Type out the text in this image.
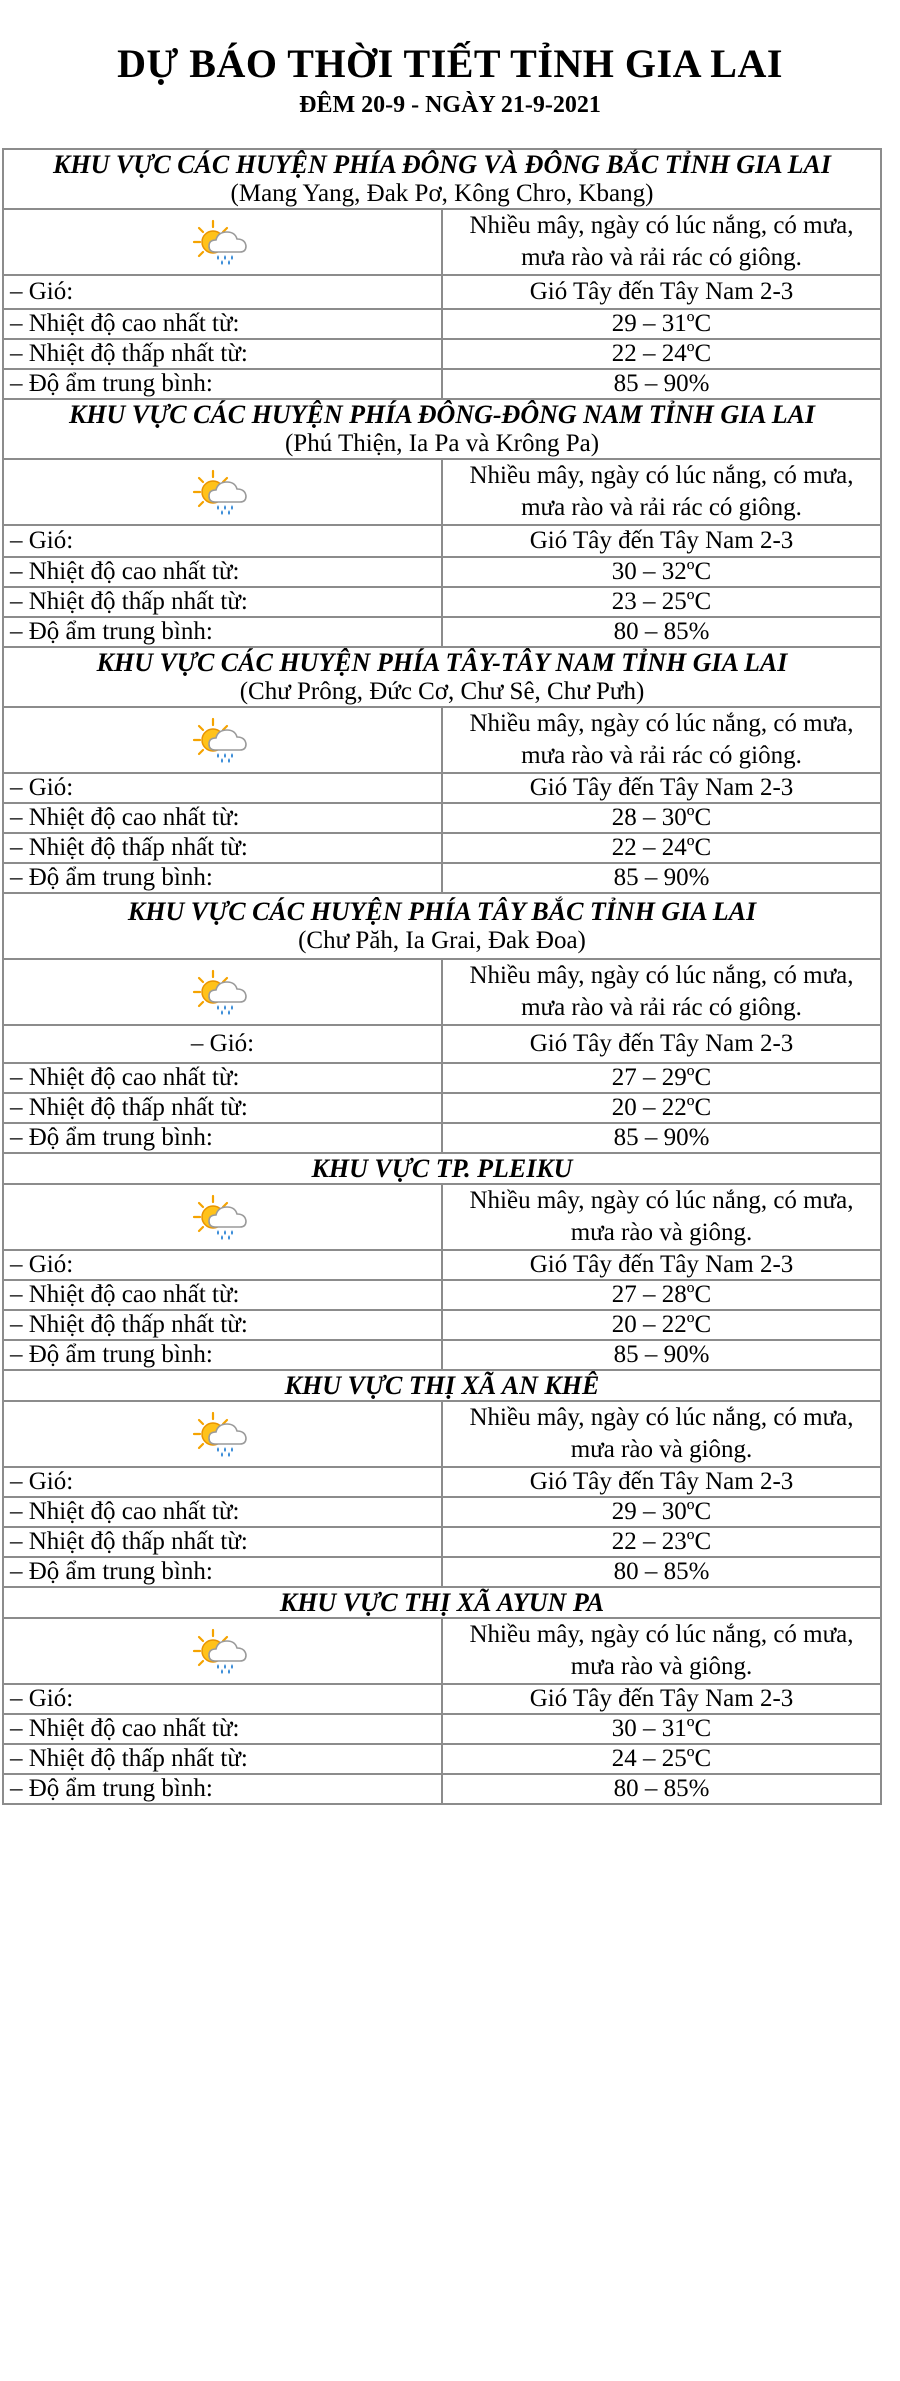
DỰ BÁO THỜI TIẾT TỈNH GIA LAI
ĐÊM 20-9 - NGÀY 21-9-2021
KHU VỰC CÁC HUYỆN PHÍA ĐÔNG VÀ ĐÔNG BẮC TỈNH GIA LAI
(Mang Yang, Đak Pơ, Kông Chro, Kbang)	

	Nhiều mây, ngày có lúc nắng, có mưa,
mưa rào và rải rác có giông.
– Gió:	Gió Tây đến Tây Nam 2-3
– Nhiệt độ cao nhất từ:	29 – 31ºC
– Nhiệt độ thấp nhất từ:	22 – 24ºC
– Độ ẩm trung bình:	85 – 90%

KHU VỰC CÁC HUYỆN PHÍA ĐÔNG-ĐÔNG NAM TỈNH GIA LAI
(Phú Thiện, Ia Pa và Krông Pa)	

	Nhiều mây, ngày có lúc nắng, có mưa,
mưa rào và rải rác có giông.
– Gió:	Gió Tây đến Tây Nam 2-3
– Nhiệt độ cao nhất từ:	30 – 32ºC
– Nhiệt độ thấp nhất từ:	23 – 25ºC
– Độ ẩm trung bình:	80 – 85%

KHU VỰC CÁC HUYỆN PHÍA TÂY-TÂY NAM TỈNH GIA LAI
(Chư Prông, Đức Cơ, Chư Sê, Chư Pưh)	

	Nhiều mây, ngày có lúc nắng, có mưa,
mưa rào và rải rác có giông.
– Gió:	Gió Tây đến Tây Nam 2-3
– Nhiệt độ cao nhất từ:	28 – 30ºC
– Nhiệt độ thấp nhất từ:	22 – 24ºC
– Độ ẩm trung bình:	85 – 90%

KHU VỰC CÁC HUYỆN PHÍA TÂY BẮC TỈNH GIA LAI
(Chư Păh, Ia Grai, Đak Đoa)	

	Nhiều mây, ngày có lúc nắng, có mưa,
mưa rào và rải rác có giông.
– Gió:	Gió Tây đến Tây Nam 2-3
– Nhiệt độ cao nhất từ:	27 – 29ºC
– Nhiệt độ thấp nhất từ:	20 – 22ºC
– Độ ẩm trung bình:	85 – 90%

KHU VỰC TP. PLEIKU	

	Nhiều mây, ngày có lúc nắng, có mưa,
mưa rào và giông.
– Gió:	Gió Tây đến Tây Nam 2-3
– Nhiệt độ cao nhất từ:	27 – 28ºC
– Nhiệt độ thấp nhất từ:	20 – 22ºC
– Độ ẩm trung bình:	85 – 90%

KHU VỰC THỊ XÃ AN KHÊ	

	Nhiều mây, ngày có lúc nắng, có mưa,
mưa rào và giông.
– Gió:	Gió Tây đến Tây Nam 2-3
– Nhiệt độ cao nhất từ:	29 – 30ºC
– Nhiệt độ thấp nhất từ:	22 – 23ºC
– Độ ẩm trung bình:	80 – 85%

KHU VỰC THỊ XÃ AYUN PA	

	Nhiều mây, ngày có lúc nắng, có mưa,
mưa rào và giông.
– Gió:	Gió Tây đến Tây Nam 2-3
– Nhiệt độ cao nhất từ:	30 – 31ºC
– Nhiệt độ thấp nhất từ:	24 – 25ºC
– Độ ẩm trung bình:	80 – 85%
